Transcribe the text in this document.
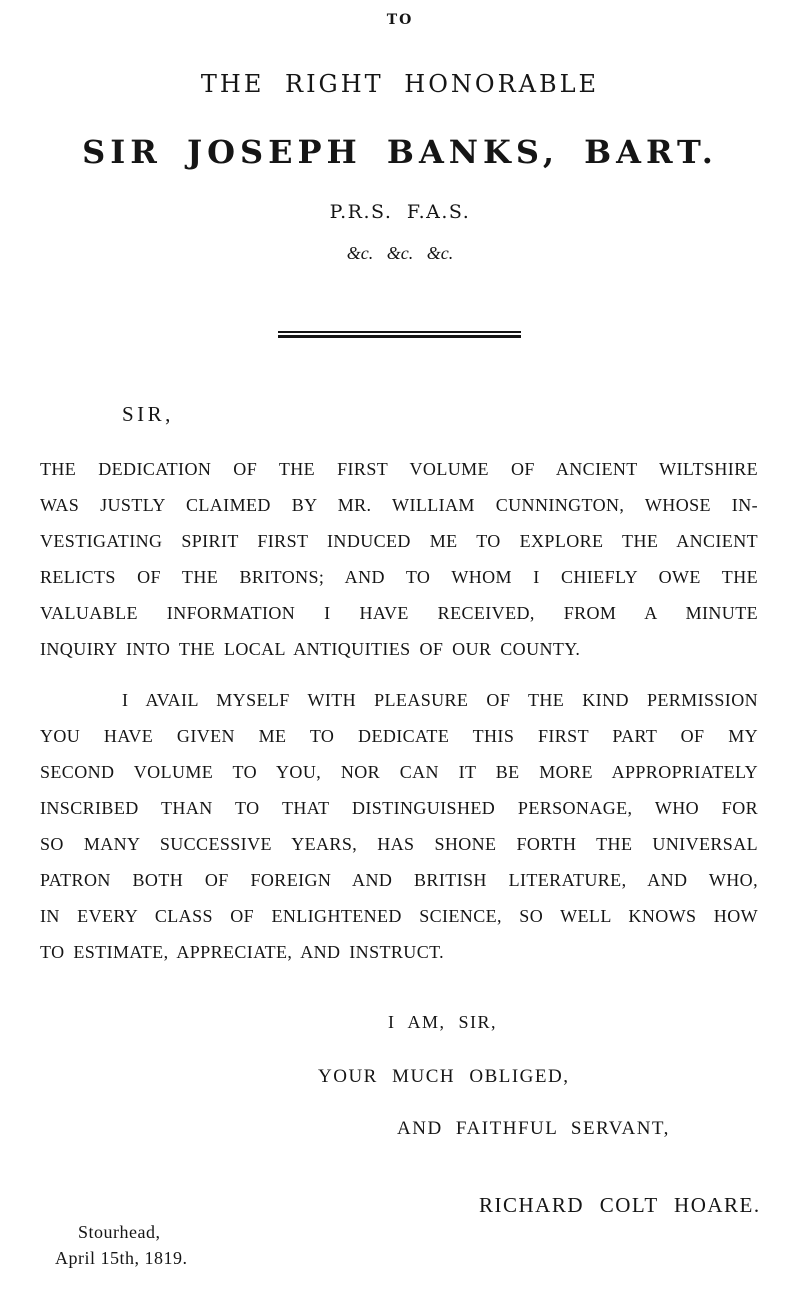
TO
THE RIGHT HONORABLE
SIR JOSEPH BANKS, BART.
P.R.S. F.A.S.
&c. &c. &c.
SIR,
THE DEDICATION OF THE FIRST VOLUME OF ANCIENT WILTSHIRE
WAS JUSTLY CLAIMED BY MR. WILLIAM CUNNINGTON, WHOSE IN-
VESTIGATING SPIRIT FIRST INDUCED ME TO EXPLORE THE ANCIENT
RELICTS OF THE BRITONS; AND TO WHOM I CHIEFLY OWE THE
VALUABLE INFORMATION I HAVE RECEIVED, FROM A MINUTE
INQUIRY INTO THE LOCAL ANTIQUITIES OF OUR COUNTY.
I AVAIL MYSELF WITH PLEASURE OF THE KIND PERMISSION
YOU HAVE GIVEN ME TO DEDICATE THIS FIRST PART OF MY
SECOND VOLUME TO YOU, NOR CAN IT BE MORE APPROPRIATELY
INSCRIBED THAN TO THAT DISTINGUISHED PERSONAGE, WHO FOR
SO MANY SUCCESSIVE YEARS, HAS SHONE FORTH THE UNIVERSAL
PATRON BOTH OF FOREIGN AND BRITISH LITERATURE, AND WHO,
IN EVERY CLASS OF ENLIGHTENED SCIENCE, SO WELL KNOWS HOW
TO ESTIMATE, APPRECIATE, AND INSTRUCT.
I AM, SIR,
YOUR MUCH OBLIGED,
AND FAITHFUL SERVANT,
RICHARD COLT HOARE.
Stourhead,
April 15th, 1819.
